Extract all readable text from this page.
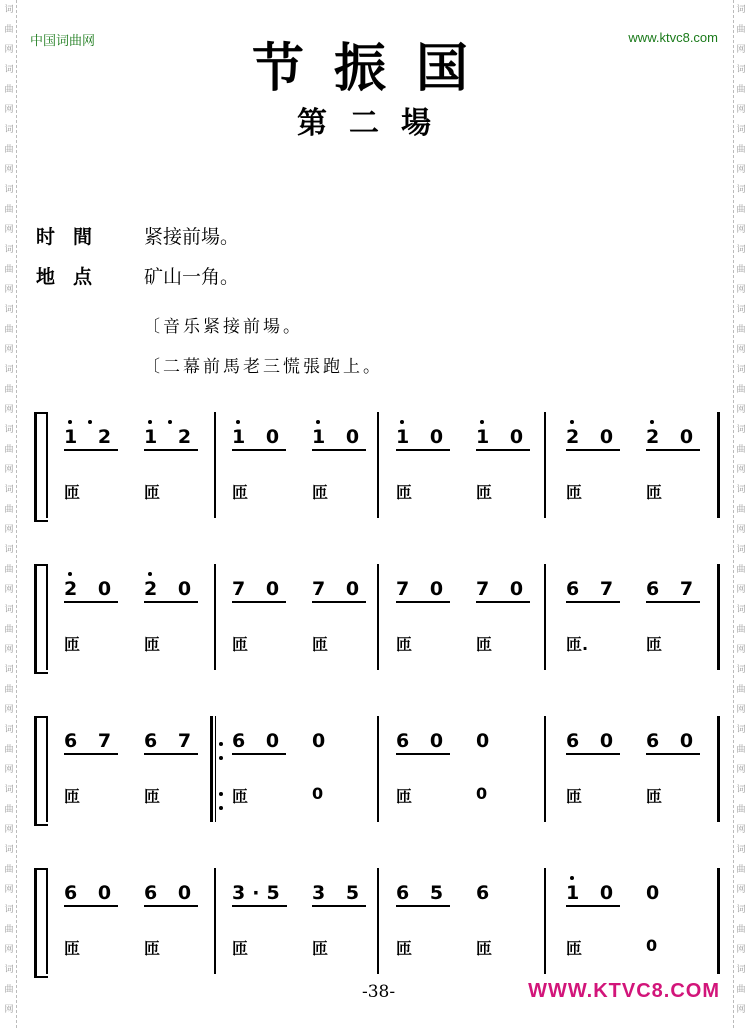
词
曲
网
词
曲
网
词
曲
网
词
曲
网
词
曲
网
词
曲
网
词
曲
网
词
曲
网
词
曲
网
词
曲
网
词
曲
网
词
曲
网
词
曲
网
词
曲
网
词
曲
网
词
曲
网
词
曲
网
词
曲
网
词
曲
网
词
曲
网
词
曲
网
词
曲
网
词
曲
网
词
曲
网
词
曲
网
词
曲
网
词
曲
网
词
曲
网
词
曲
网
词
曲
网
词
曲
网
词
曲
网
词
曲
网
词
曲
网
中国词曲网	www.ktvc8.com
节振国
第二場
时間 紧接前場。
地点 矿山一角。
〔音乐紧接前場。
〔二幕前馬老三慌張跑上。
1 2 1 2
匝	匝
1 0 1 0
匝	匝
1 0 1 0
匝	匝
2 0 2 0
匝	匝
2 0 2 0
匝	匝
7 0 7 0
匝	匝
7 0 7 0
匝	匝
6 7 6 7
匝.	匝
6 7 6 7
匝	匝
6 0 0
匝	0
6 0 0
匝	0
6 0 6 0
匝	匝
6 0 6 0
匝	匝
3·5 3 5
匝	匝
6 5 6
匝	匝
1 0 0
匝	0
-38-	WWW.KTVC8.COM
